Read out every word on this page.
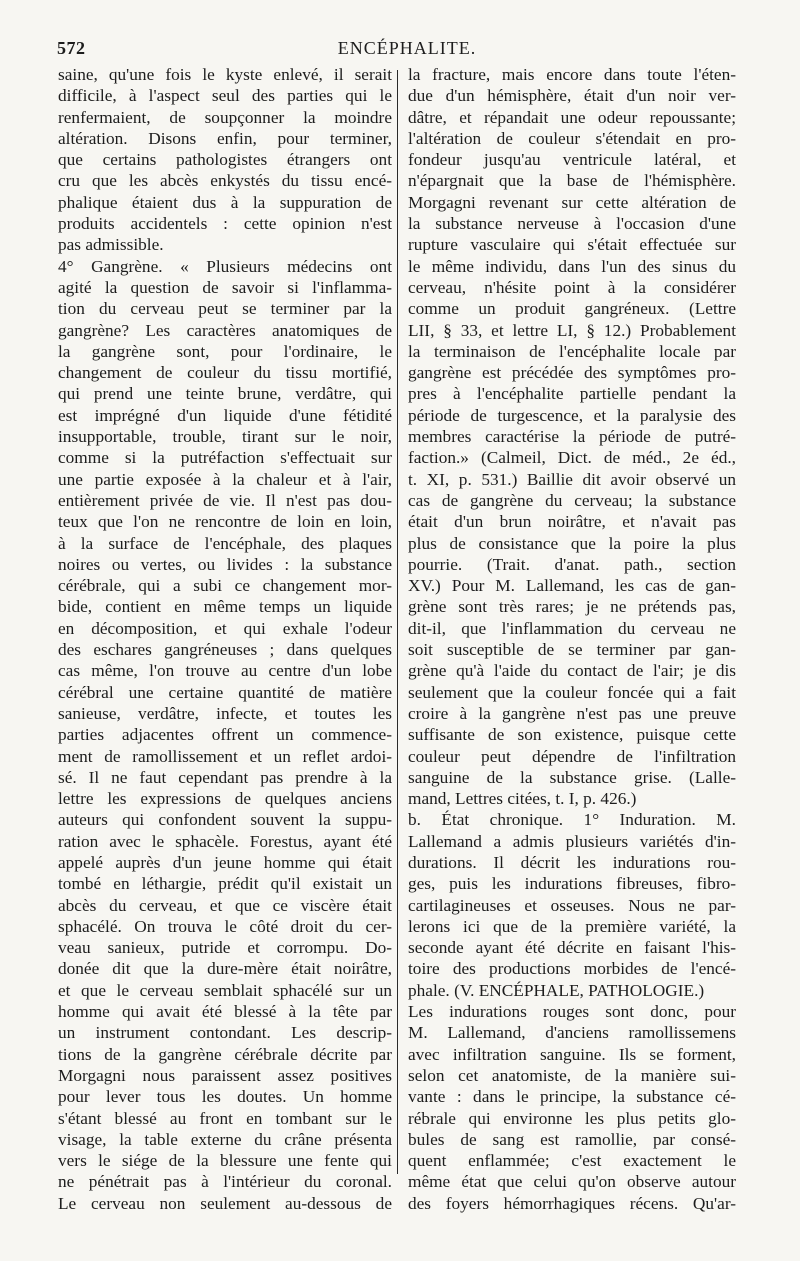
572	ENCÉPHALITE.
saine, qu'une fois le kyste enlevé, il serait
difficile, à l'aspect seul des parties qui le
renfermaient, de soupçonner la moindre
altération. Disons enfin, pour terminer,
que certains pathologistes étrangers ont
cru que les abcès enkystés du tissu encé-
phalique étaient dus à la suppuration de
produits accidentels : cette opinion n'est
pas admissible.
4° Gangrène. « Plusieurs médecins ont
agité la question de savoir si l'inflamma-
tion du cerveau peut se terminer par la
gangrène? Les caractères anatomiques de
la gangrène sont, pour l'ordinaire, le
changement de couleur du tissu mortifié,
qui prend une teinte brune, verdâtre, qui
est imprégné d'un liquide d'une fétidité
insupportable, trouble, tirant sur le noir,
comme si la putréfaction s'effectuait sur
une partie exposée à la chaleur et à l'air,
entièrement privée de vie. Il n'est pas dou-
teux que l'on ne rencontre de loin en loin,
à la surface de l'encéphale, des plaques
noires ou vertes, ou livides : la substance
cérébrale, qui a subi ce changement mor-
bide, contient en même temps un liquide
en décomposition, et qui exhale l'odeur
des eschares gangréneuses ; dans quelques
cas même, l'on trouve au centre d'un lobe
cérébral une certaine quantité de matière
sanieuse, verdâtre, infecte, et toutes les
parties adjacentes offrent un commence-
ment de ramollissement et un reflet ardoi-
sé. Il ne faut cependant pas prendre à la
lettre les expressions de quelques anciens
auteurs qui confondent souvent la suppu-
ration avec le sphacèle. Forestus, ayant été
appelé auprès d'un jeune homme qui était
tombé en léthargie, prédit qu'il existait un
abcès du cerveau, et que ce viscère était
sphacélé. On trouva le côté droit du cer-
veau sanieux, putride et corrompu. Do-
donée dit que la dure-mère était noirâtre,
et que le cerveau semblait sphacélé sur un
homme qui avait été blessé à la tête par
un instrument contondant. Les descrip-
tions de la gangrène cérébrale décrite par
Morgagni nous paraissent assez positives
pour lever tous les doutes. Un homme
s'étant blessé au front en tombant sur le
visage, la table externe du crâne présenta
vers le siége de la blessure une fente qui
ne pénétrait pas à l'intérieur du coronal.
Le cerveau non seulement au-dessous de
la fracture, mais encore dans toute l'éten-
due d'un hémisphère, était d'un noir ver-
dâtre, et répandait une odeur repoussante;
l'altération de couleur s'étendait en pro-
fondeur jusqu'au ventricule latéral, et
n'épargnait que la base de l'hémisphère.
Morgagni revenant sur cette altération de
la substance nerveuse à l'occasion d'une
rupture vasculaire qui s'était effectuée sur
le même individu, dans l'un des sinus du
cerveau, n'hésite point à la considérer
comme un produit gangréneux. (Lettre
LII, § 33, et lettre LI, § 12.) Probablement
la terminaison de l'encéphalite locale par
gangrène est précédée des symptômes pro-
pres à l'encéphalite partielle pendant la
période de turgescence, et la paralysie des
membres caractérise la période de putré-
faction.» (Calmeil, Dict. de méd., 2e éd.,
t. XI, p. 531.) Baillie dit avoir observé un
cas de gangrène du cerveau; la substance
était d'un brun noirâtre, et n'avait pas
plus de consistance que la poire la plus
pourrie. (Trait. d'anat. path., section
XV.) Pour M. Lallemand, les cas de gan-
grène sont très rares; je ne prétends pas,
dit-il, que l'inflammation du cerveau ne
soit susceptible de se terminer par gan-
grène qu'à l'aide du contact de l'air; je dis
seulement que la couleur foncée qui a fait
croire à la gangrène n'est pas une preuve
suffisante de son existence, puisque cette
couleur peut dépendre de l'infiltration
sanguine de la substance grise. (Lalle-
mand, Lettres citées, t. I, p. 426.)
b. État chronique. 1° Induration. M.
Lallemand a admis plusieurs variétés d'in-
durations. Il décrit les indurations rou-
ges, puis les indurations fibreuses, fibro-
cartilagineuses et osseuses. Nous ne par-
lerons ici que de la première variété, la
seconde ayant été décrite en faisant l'his-
toire des productions morbides de l'encé-
phale. (V. ENCÉPHALE, PATHOLOGIE.)
Les indurations rouges sont donc, pour
M. Lallemand, d'anciens ramollissemens
avec infiltration sanguine. Ils se forment,
selon cet anatomiste, de la manière sui-
vante : dans le principe, la substance cé-
rébrale qui environne les plus petits glo-
bules de sang est ramollie, par consé-
quent enflammée; c'est exactement le
même état que celui qu'on observe autour
des foyers hémorrhagiques récens. Qu'ar-
